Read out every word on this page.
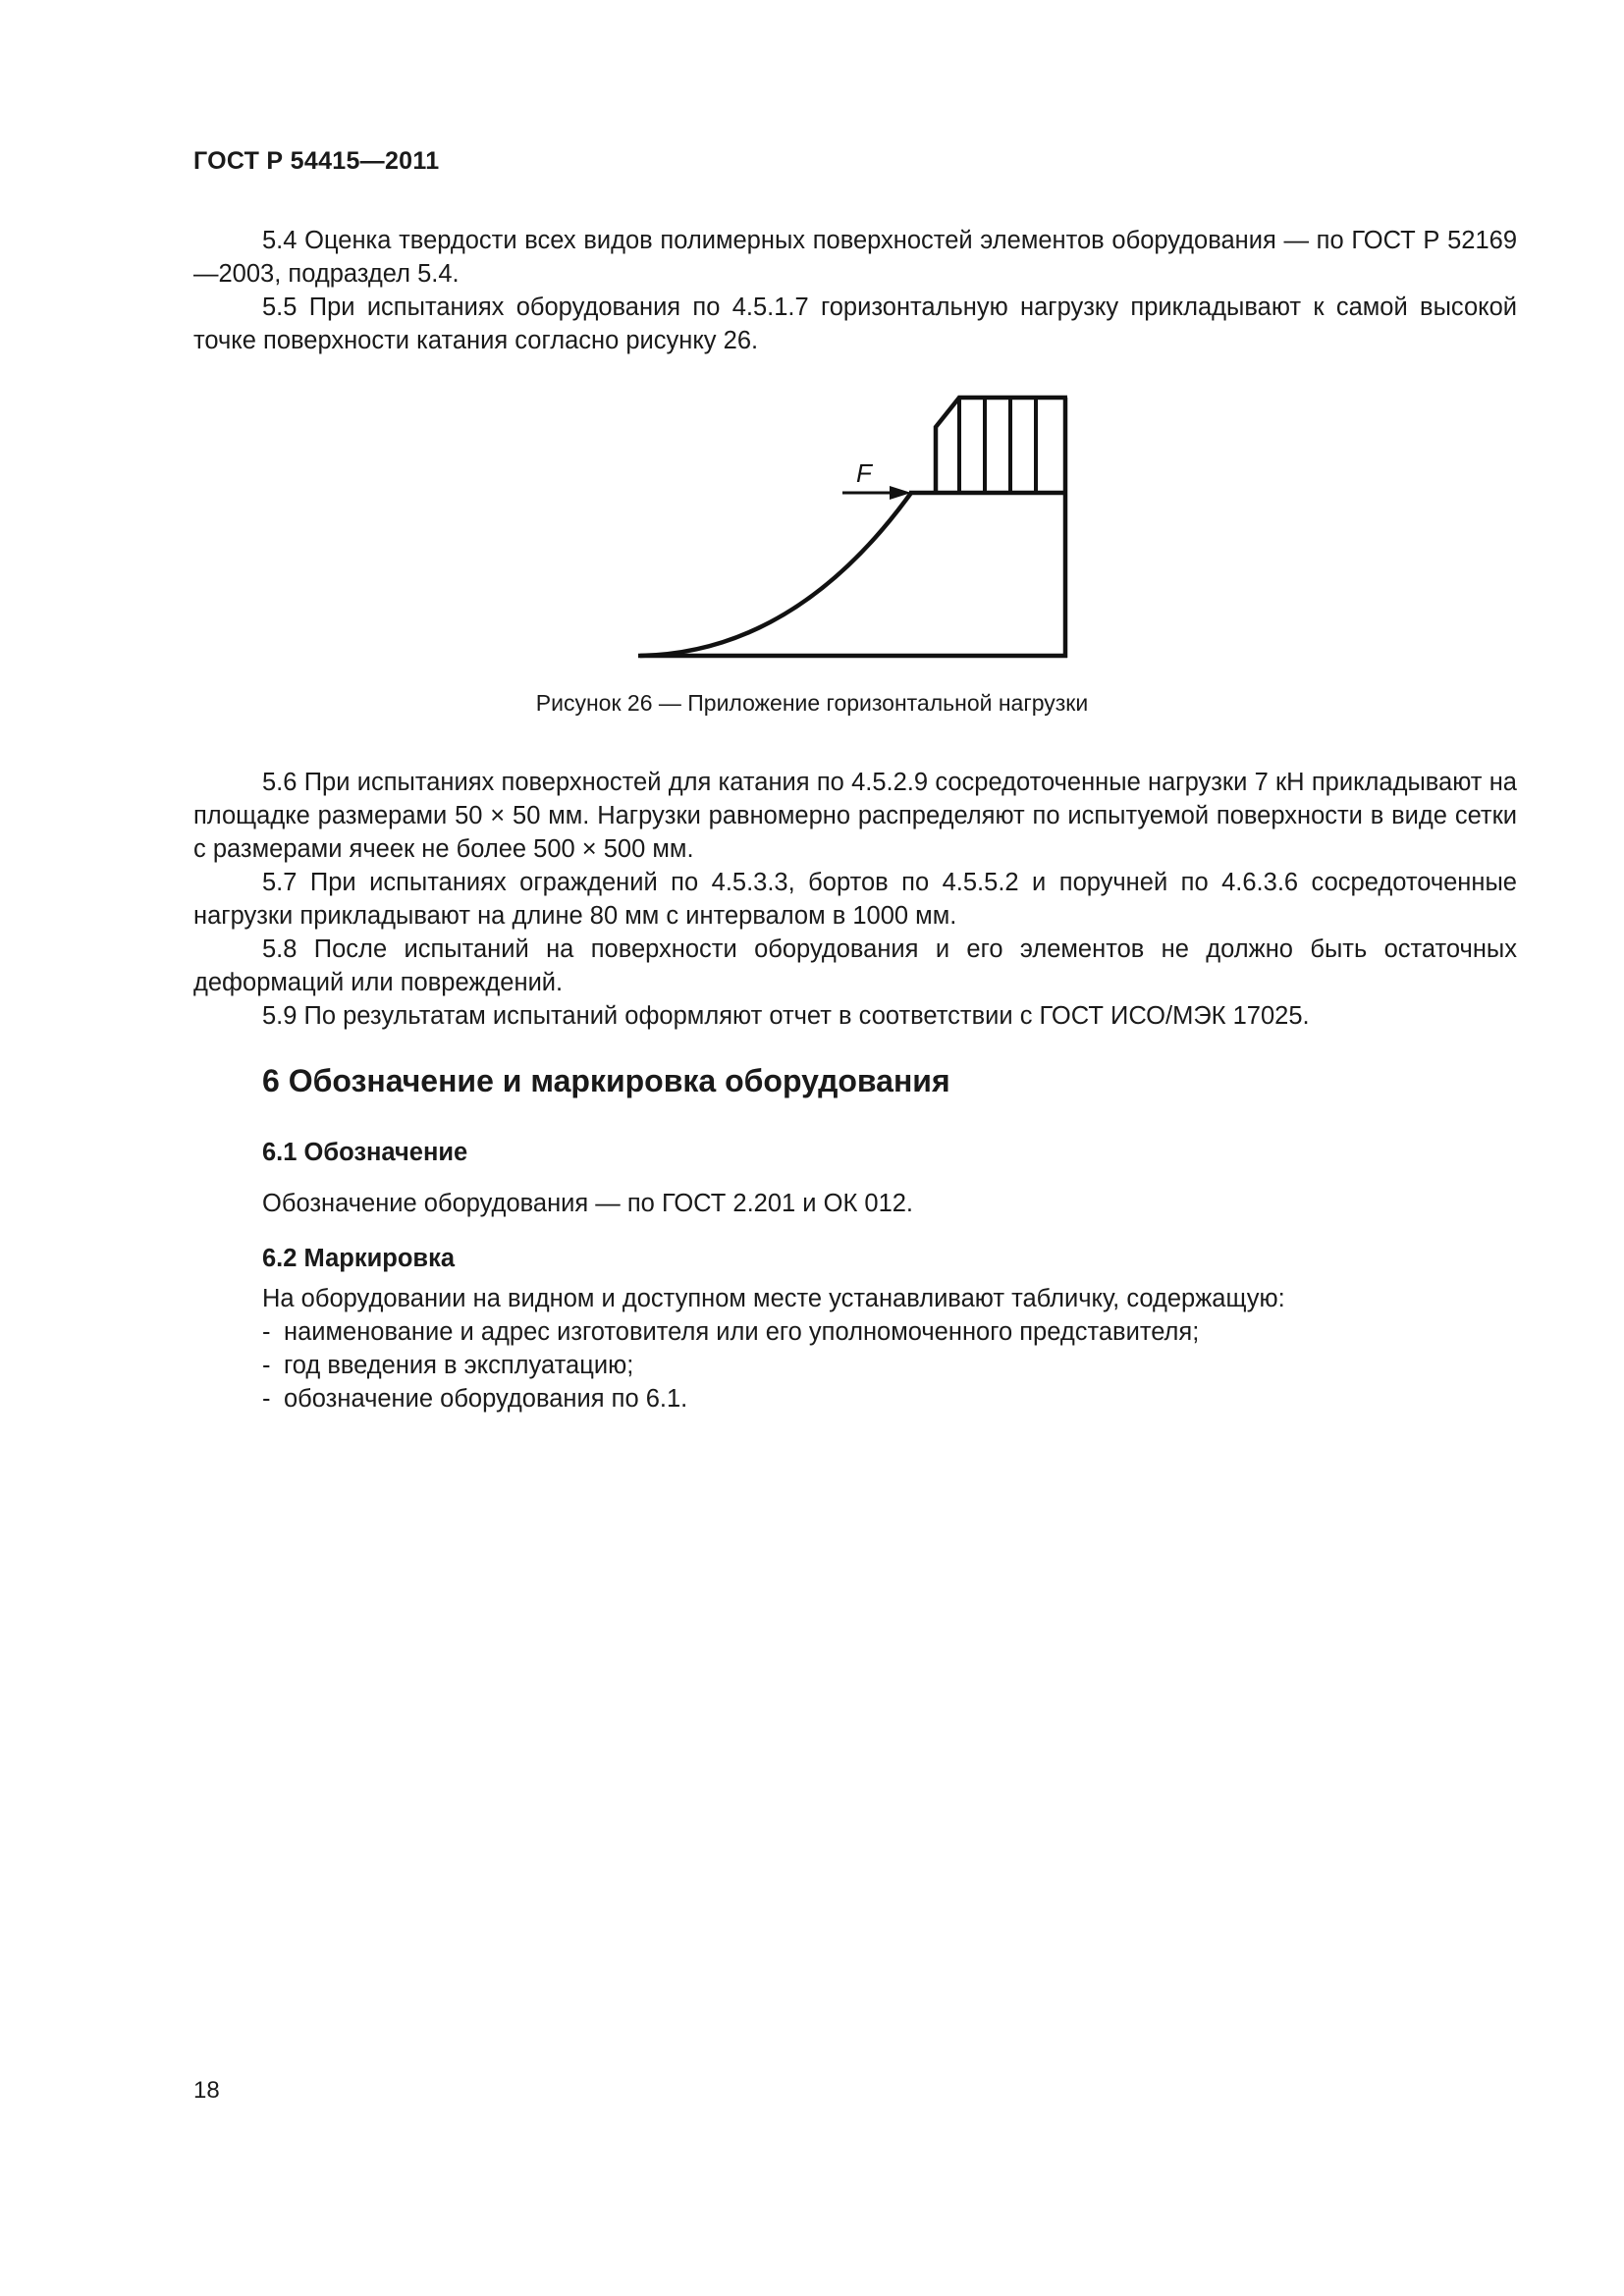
ГОСТ Р 54415—2011

5.4 Оценка твердости всех видов полимерных поверхностей элементов оборудования — по ГОСТ Р 52169—2003, подраздел 5.4.

5.5 При испытаниях оборудования по 4.5.1.7 горизонтальную нагрузку прикладывают к самой высокой точке поверхности катания согласно рисунку 26.

F
Рисунок 26 — Приложение горизонтальной нагрузки

5.6 При испытаниях поверхностей для катания по 4.5.2.9 сосредоточенные нагрузки 7 кН прикладывают на площадке размерами 50 × 50 мм. Нагрузки равномерно распределяют по испытуемой поверхности в виде сетки с размерами ячеек не более 500 × 500 мм.

5.7 При испытаниях ограждений по 4.5.3.3, бортов по 4.5.5.2 и поручней по 4.6.3.6 сосредоточенные нагрузки прикладывают на длине 80 мм с интервалом в 1000 мм.

5.8 После испытаний на поверхности оборудования и его элементов не должно быть остаточных деформаций или повреждений.

5.9 По результатам испытаний оформляют отчет в соответствии с ГОСТ ИСО/МЭК 17025.

6 Обозначение и маркировка оборудования
6.1 Обозначение

Обозначение оборудования — по ГОСТ 2.201 и ОК 012.

6.2 Маркировка

На оборудовании на видном и доступном месте устанавливают табличку, содержащую:

- наименование и адрес изготовителя или его уполномоченного представителя;
- год введения в эксплуатацию;
- обозначение оборудования по 6.1.
18
